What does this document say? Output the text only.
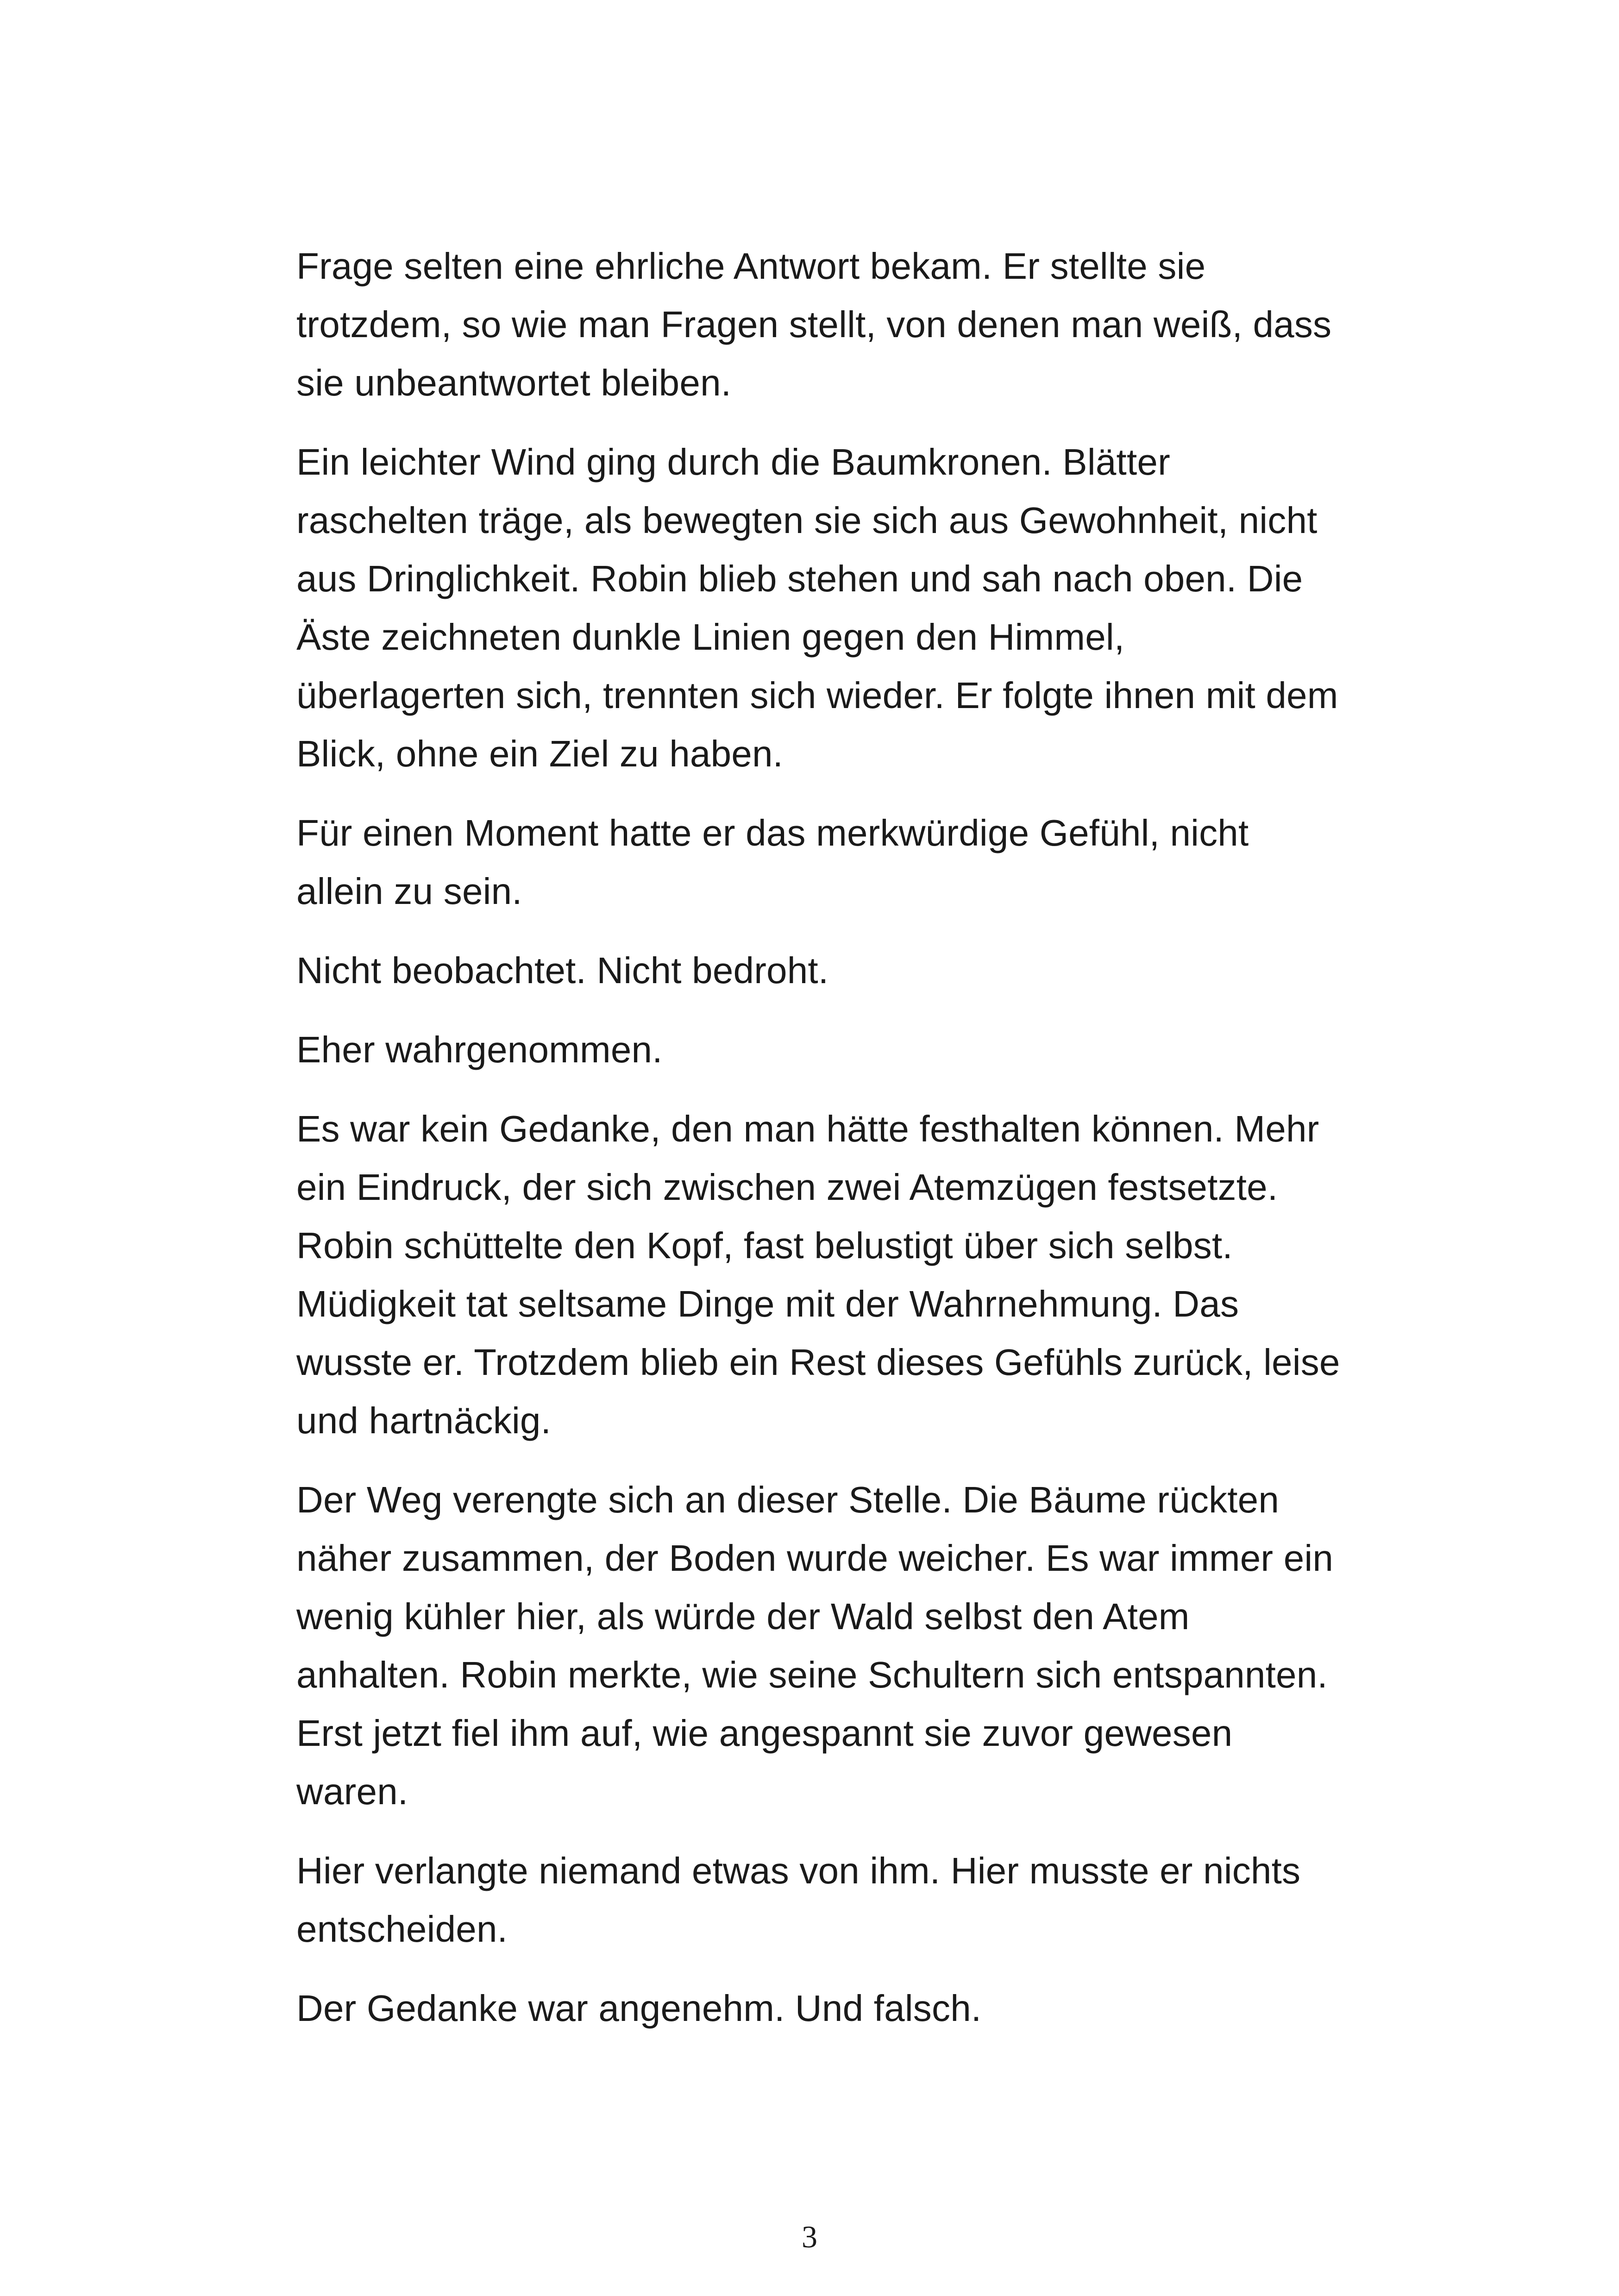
Frage selten eine ehrliche Antwort bekam. Er stellte sie
trotzdem, so wie man Fragen stellt, von denen man weiß, dass
sie unbeantwortet bleiben.

Ein leichter Wind ging durch die Baumkronen. Blätter
raschelten träge, als bewegten sie sich aus Gewohnheit, nicht
aus Dringlichkeit. Robin blieb stehen und sah nach oben. Die
Äste zeichneten dunkle Linien gegen den Himmel,
überlagerten sich, trennten sich wieder. Er folgte ihnen mit dem
Blick, ohne ein Ziel zu haben.

Für einen Moment hatte er das merkwürdige Gefühl, nicht
allein zu sein.

Nicht beobachtet. Nicht bedroht.

Eher wahrgenommen.

Es war kein Gedanke, den man hätte festhalten können. Mehr
ein Eindruck, der sich zwischen zwei Atemzügen festsetzte.
Robin schüttelte den Kopf, fast belustigt über sich selbst.
Müdigkeit tat seltsame Dinge mit der Wahrnehmung. Das
wusste er. Trotzdem blieb ein Rest dieses Gefühls zurück, leise
und hartnäckig.

Der Weg verengte sich an dieser Stelle. Die Bäume rückten
näher zusammen, der Boden wurde weicher. Es war immer ein
wenig kühler hier, als würde der Wald selbst den Atem
anhalten. Robin merkte, wie seine Schultern sich entspannten.
Erst jetzt fiel ihm auf, wie angespannt sie zuvor gewesen
waren.

Hier verlangte niemand etwas von ihm. Hier musste er nichts
entscheiden.

Der Gedanke war angenehm. Und falsch.

3
